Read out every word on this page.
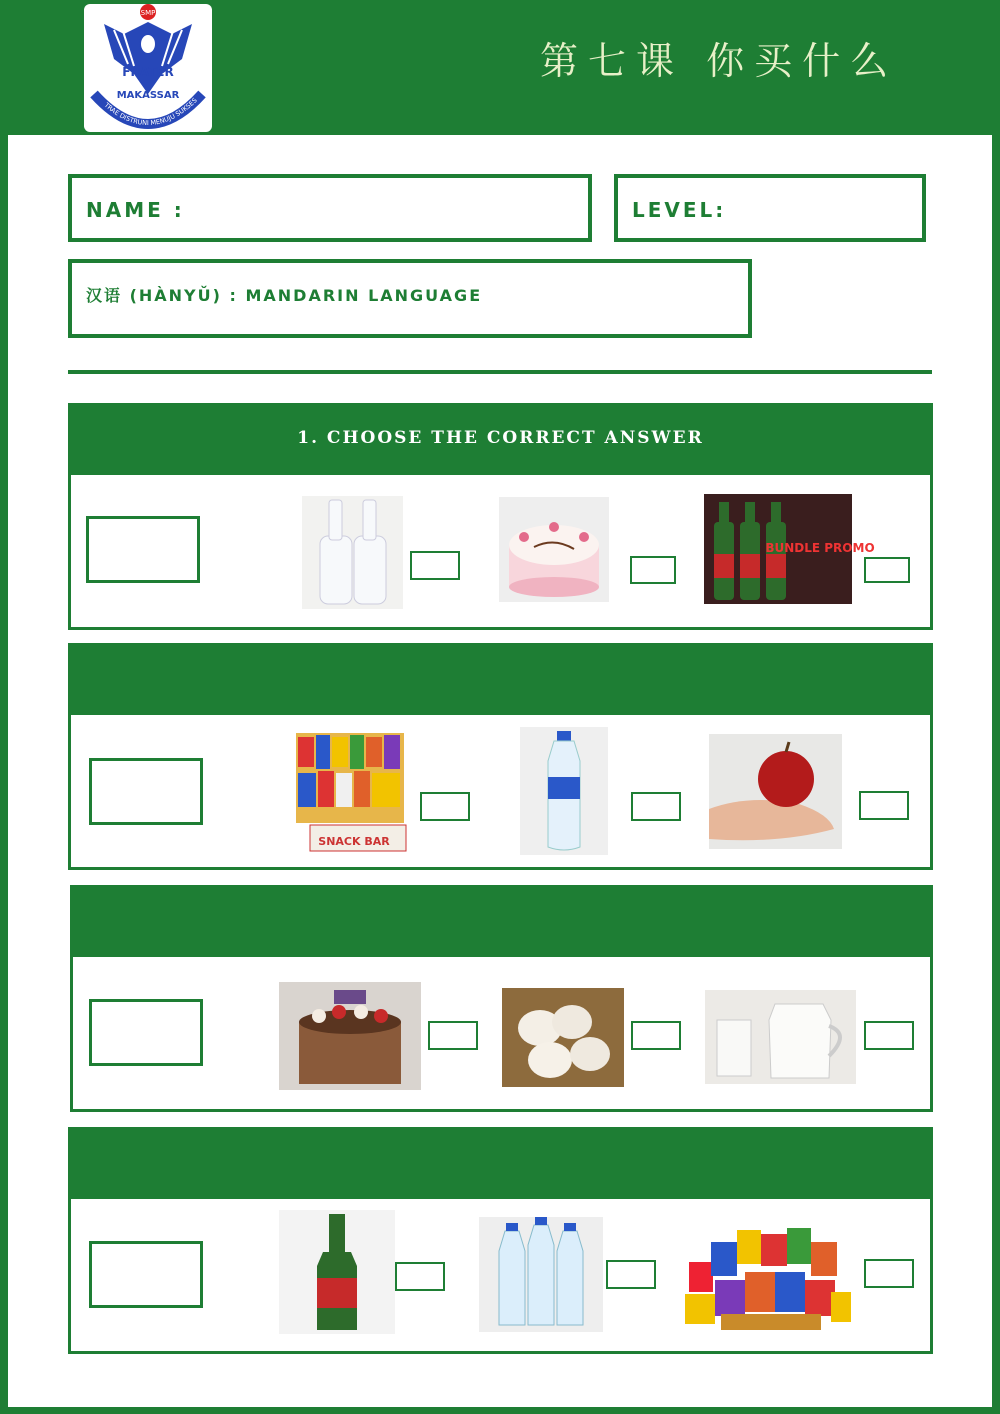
SMP
FRATER
MAKASSAR
TRAE DISTRUNI MENUJU SUKSES
第七课 你买什么
NAME :	LEVEL:
汉语 (HÀNYǓ) : MANDARIN LANGUAGE
1. CHOOSE THE CORRECT ANSWER
BUNDLE PROMO
SNACK BAR
